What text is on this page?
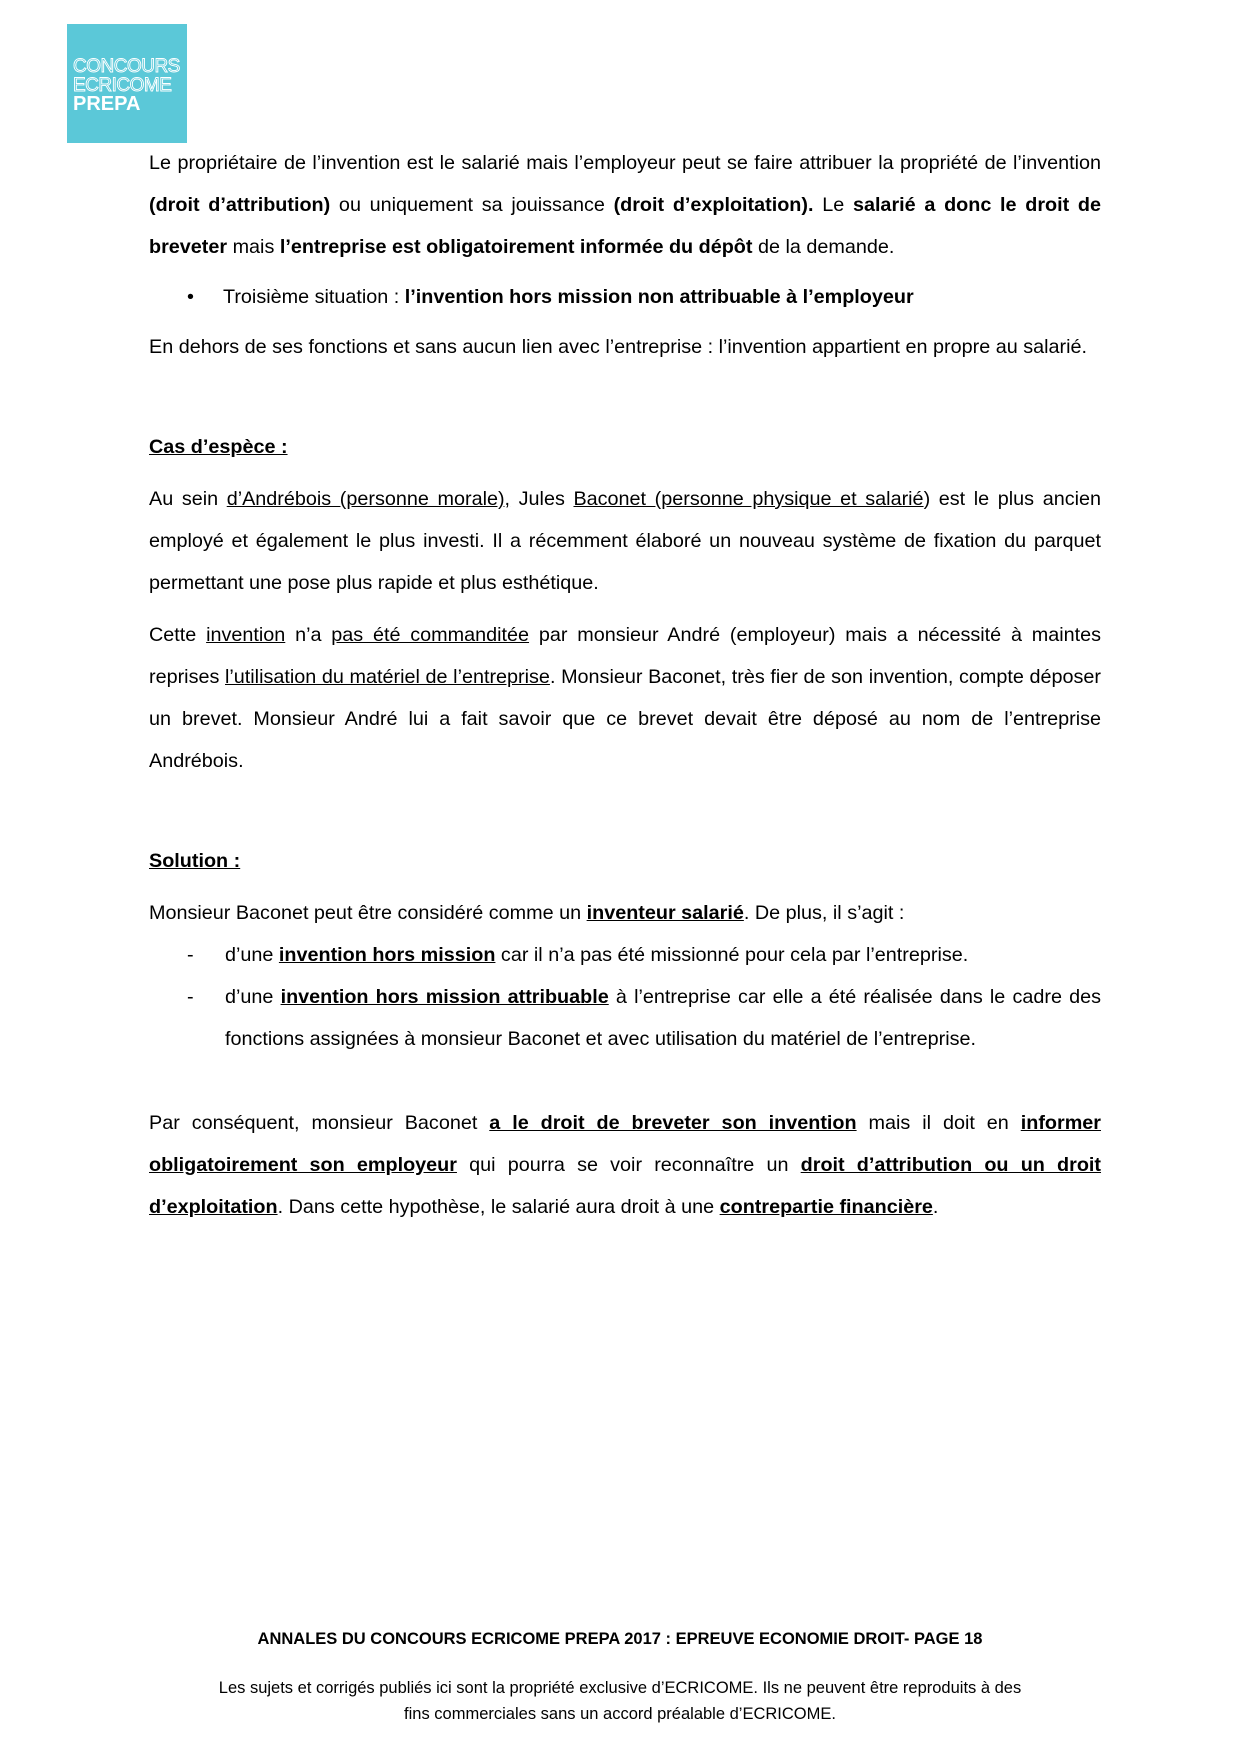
CONCOURS
ECRICOME
PREPA

Le propriétaire de l’invention est le salarié mais l’employeur peut se faire attribuer la propriété de l’invention (droit d’attribution) ou uniquement sa jouissance (droit d’exploitation). Le salarié a donc le droit de breveter mais l’entreprise est obligatoirement informée du dépôt de la demande.

• Troisième situation : l’invention hors mission non attribuable à l’employeur

En dehors de ses fonctions et sans aucun lien avec l’entreprise : l’invention appartient en propre au salarié.

Cas d’espèce :

Au sein d’Andrébois (personne morale), Jules Baconet (personne physique et salarié) est le plus ancien employé et également le plus investi. Il a récemment élaboré un nouveau système de fixation du parquet permettant une pose plus rapide et plus esthétique.

Cette invention n’a pas été commanditée par monsieur André (employeur) mais a nécessité à maintes reprises l’utilisation du matériel de l’entreprise. Monsieur Baconet, très fier de son invention, compte déposer un brevet. Monsieur André lui a fait savoir que ce brevet devait être déposé au nom de l’entreprise Andrébois.

Solution :

Monsieur Baconet peut être considéré comme un inventeur salarié. De plus, il s’agit :

- d’une invention hors mission car il n’a pas été missionné pour cela par l’entreprise.

- d’une invention hors mission attribuable à l’entreprise car elle a été réalisée dans le cadre des fonctions assignées à monsieur Baconet et avec utilisation du matériel de l’entreprise.

Par conséquent, monsieur Baconet a le droit de breveter son invention mais il doit en informer obligatoirement son employeur qui pourra se voir reconnaître un droit d’attribution ou un droit d’exploitation. Dans cette hypothèse, le salarié aura droit à une contrepartie financière.

ANNALES DU CONCOURS ECRICOME PREPA 2017 : EPREUVE ECONOMIE DROIT- PAGE 18
Les sujets et corrigés publiés ici sont la propriété exclusive d’ECRICOME. Ils ne peuvent être reproduits à des
fins commerciales sans un accord préalable d’ECRICOME.
